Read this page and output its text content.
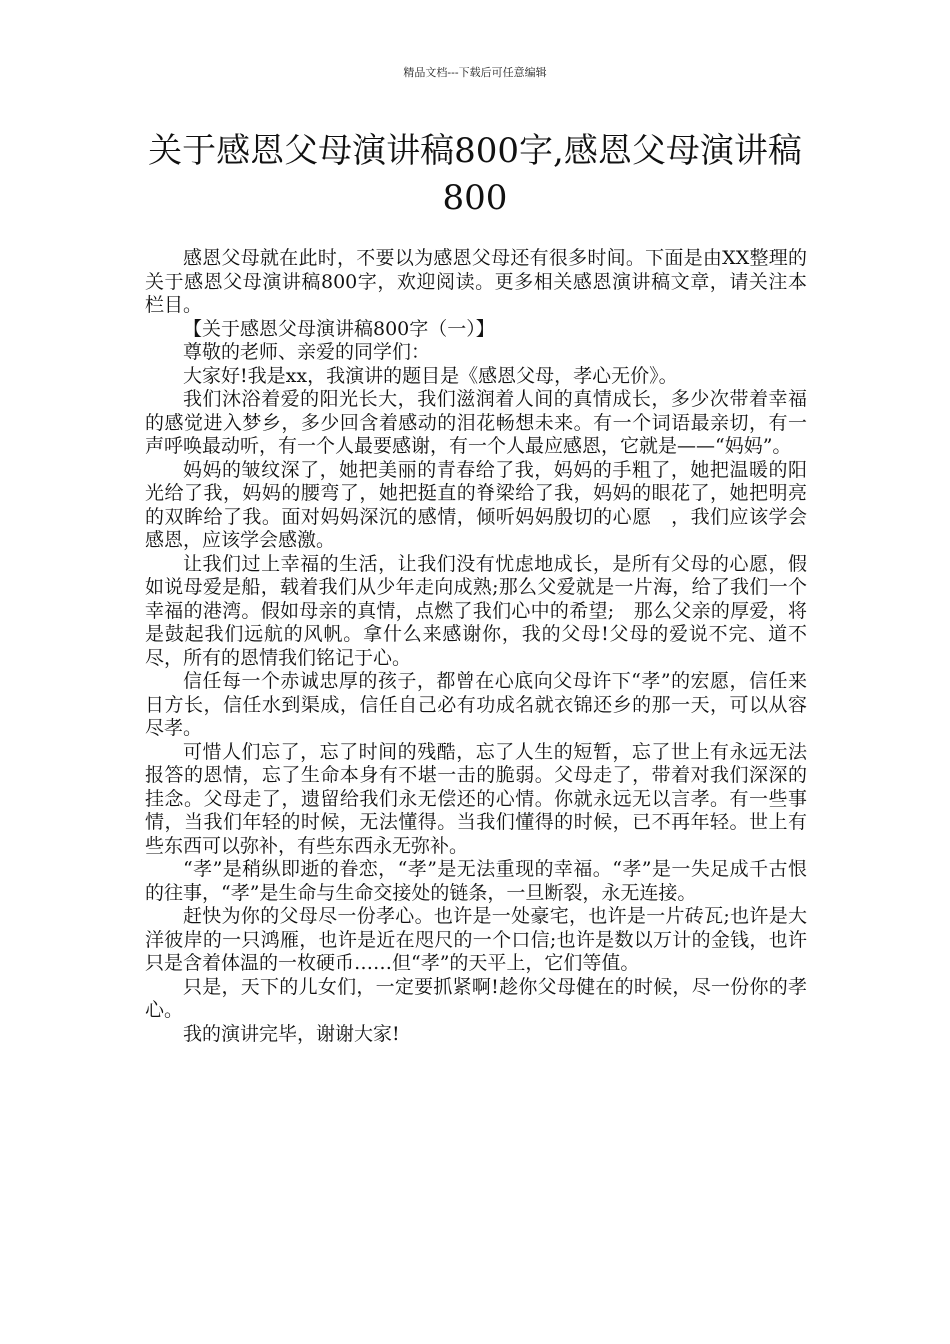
精品文档---下载后可任意编辑
关于感恩父母演讲稿800字,感恩父母演讲稿800

感恩父母就在此时，不要以为感恩父母还有很多时间。下面是由XX整理的关于感恩父母演讲稿800字，欢迎阅读。更多相关感恩演讲稿文章，请关注本栏目。

【关于感恩父母演讲稿800字（一）】

尊敬的老师、亲爱的同学们：

大家好!我是xx，我演讲的题目是《感恩父母，孝心无价》。

我们沐浴着爱的阳光长大，我们滋润着人间的真情成长，多少次带着幸福的感觉进入梦乡，多少回含着感动的泪花畅想未来。有一个词语最亲切，有一声呼唤最动听，有一个人最要感谢，有一个人最应感恩，它就是——“妈妈”。

妈妈的皱纹深了，她把美丽的青春给了我，妈妈的手粗了，她把温暖的阳光给了我，妈妈的腰弯了，她把挺直的脊梁给了我，妈妈的眼花了，她把明亮的双眸给了我。面对妈妈深沉的感情，倾听妈妈殷切的心愿　，我们应该学会感恩，应该学会感激。

让我们过上幸福的生活，让我们没有忧虑地成长，是所有父母的心愿，假如说母爱是船，载着我们从少年走向成熟;那么父爱就是一片海，给了我们一个幸福的港湾。假如母亲的真情，点燃了我们心中的希望;　那么父亲的厚爱，将是鼓起我们远航的风帆。拿什么来感谢你，我的父母!父母的爱说不完、道不尽，所有的恩情我们铭记于心。

信任每一个赤诚忠厚的孩子，都曾在心底向父母许下“孝”的宏愿，信任来日方长，信任水到渠成，信任自己必有功成名就衣锦还乡的那一天，可以从容尽孝。

可惜人们忘了，忘了时间的残酷，忘了人生的短暂，忘了世上有永远无法报答的恩情，忘了生命本身有不堪一击的脆弱。父母走了，带着对我们深深的挂念。父母走了，遗留给我们永无偿还的心情。你就永远无以言孝。有一些事情，当我们年轻的时候，无法懂得。当我们懂得的时候，已不再年轻。世上有些东西可以弥补，有些东西永无弥补。

“孝”是稍纵即逝的眷恋，“孝”是无法重现的幸福。“孝”是一失足成千古恨的往事，“孝”是生命与生命交接处的链条，一旦断裂，永无连接。

赶快为你的父母尽一份孝心。也许是一处豪宅，也许是一片砖瓦;也许是大洋彼岸的一只鸿雁，也许是近在咫尺的一个口信;也许是数以万计的金钱，也许只是含着体温的一枚硬币……但“孝”的天平上，它们等值。

只是，天下的儿女们，一定要抓紧啊!趁你父母健在的时候，尽一份你的孝心。

我的演讲完毕，谢谢大家!
